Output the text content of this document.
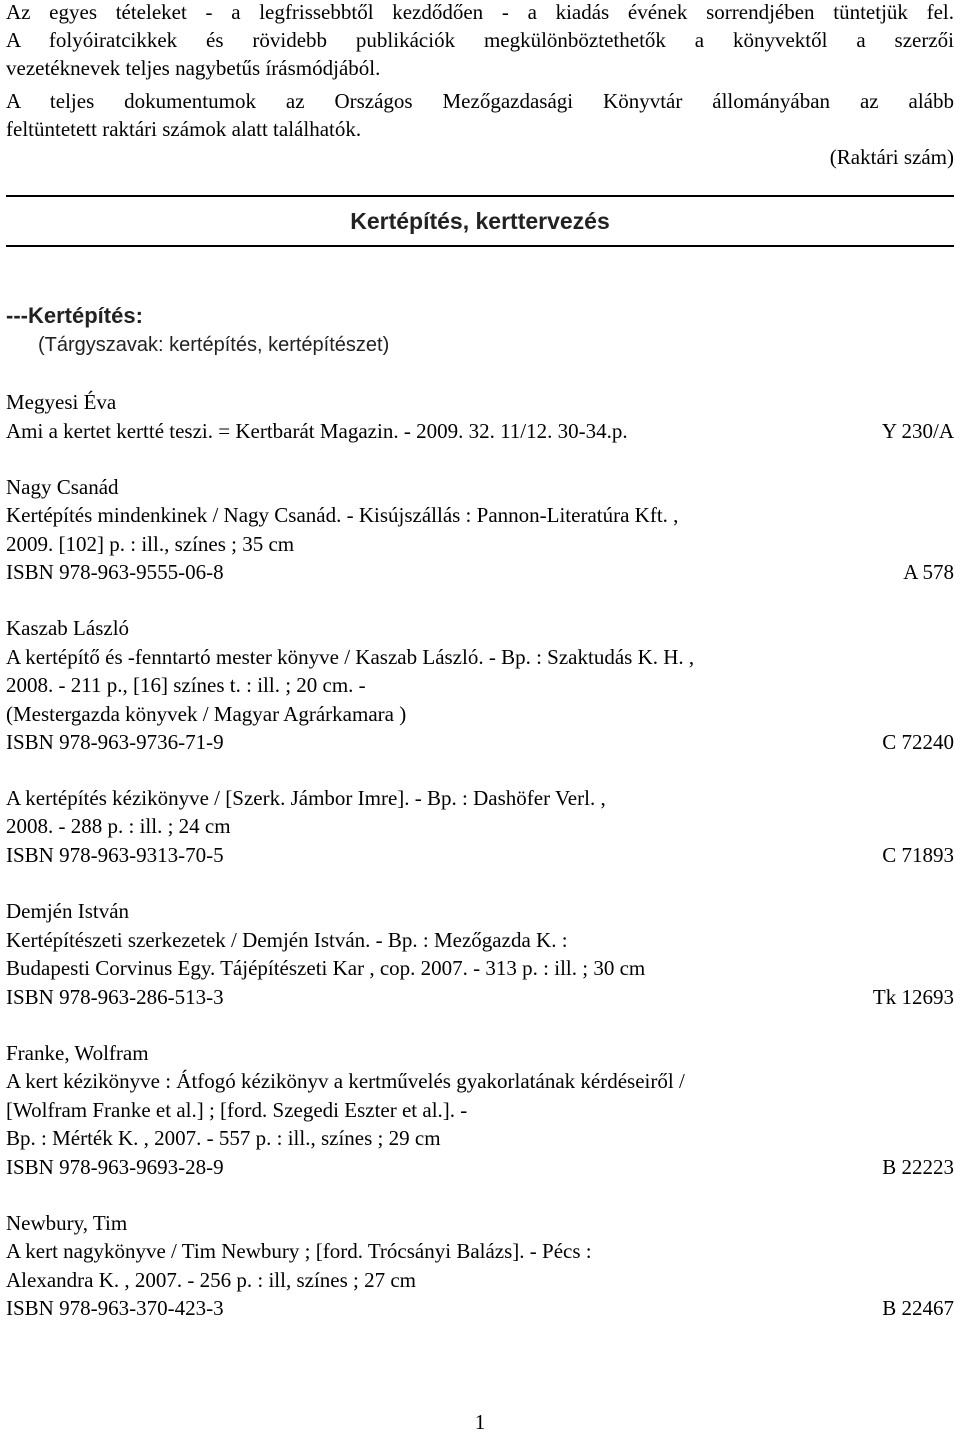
Az egyes tételeket - a legfrissebbtől kezdődően - a kiadás évének sorrendjében tüntetjük fel.
A folyóiratcikkek és rövidebb publikációk megkülönböztethetők a könyvektől a szerzői
vezetéknevek teljes nagybetűs írásmódjából.
A teljes dokumentumok az Országos Mezőgazdasági Könyvtár állományában az alább
feltüntetett raktári számok alatt találhatók.
(Raktári szám)
Kertépítés, kerttervezés
---Kertépítés:
(Tárgyszavak: kertépítés, kertépítészet)
Megyesi Éva
Ami a kertet kertté teszi. = Kertbarát Magazin. - 2009. 32. 11/12. 30-34.p.	Y 230/A
Nagy Csanád
Kertépítés mindenkinek / Nagy Csanád. - Kisújszállás : Pannon-Literatúra Kft. ,
2009. [102] p. : ill., színes ; 35 cm
ISBN 978-963-9555-06-8	A 578
Kaszab László
A kertépítő és -fenntartó mester könyve / Kaszab László. - Bp. : Szaktudás K. H. ,
2008. - 211 p., [16] színes t. : ill. ; 20 cm. -
(Mestergazda könyvek / Magyar Agrárkamara )
ISBN 978-963-9736-71-9	C 72240
A kertépítés kézikönyve / [Szerk. Jámbor Imre]. - Bp. : Dashöfer Verl. ,
2008. - 288 p. : ill. ; 24 cm
ISBN 978-963-9313-70-5	C 71893
Demjén István
Kertépítészeti szerkezetek / Demjén István. - Bp. : Mezőgazda K. :
Budapesti Corvinus Egy. Tájépítészeti Kar , cop. 2007. - 313 p. : ill. ; 30 cm
ISBN 978-963-286-513-3	Tk 12693
Franke, Wolfram
A kert kézikönyve : Átfogó kézikönyv a kertművelés gyakorlatának kérdéseiről /
[Wolfram Franke et al.] ; [ford. Szegedi Eszter et al.]. -
Bp. : Mérték K. , 2007. - 557 p. : ill., színes ; 29 cm
ISBN 978-963-9693-28-9	B 22223
Newbury, Tim
A kert nagykönyve / Tim Newbury ; [ford. Trócsányi Balázs]. - Pécs :
Alexandra K. , 2007. - 256 p. : ill, színes ; 27 cm
ISBN 978-963-370-423-3	B 22467
1
